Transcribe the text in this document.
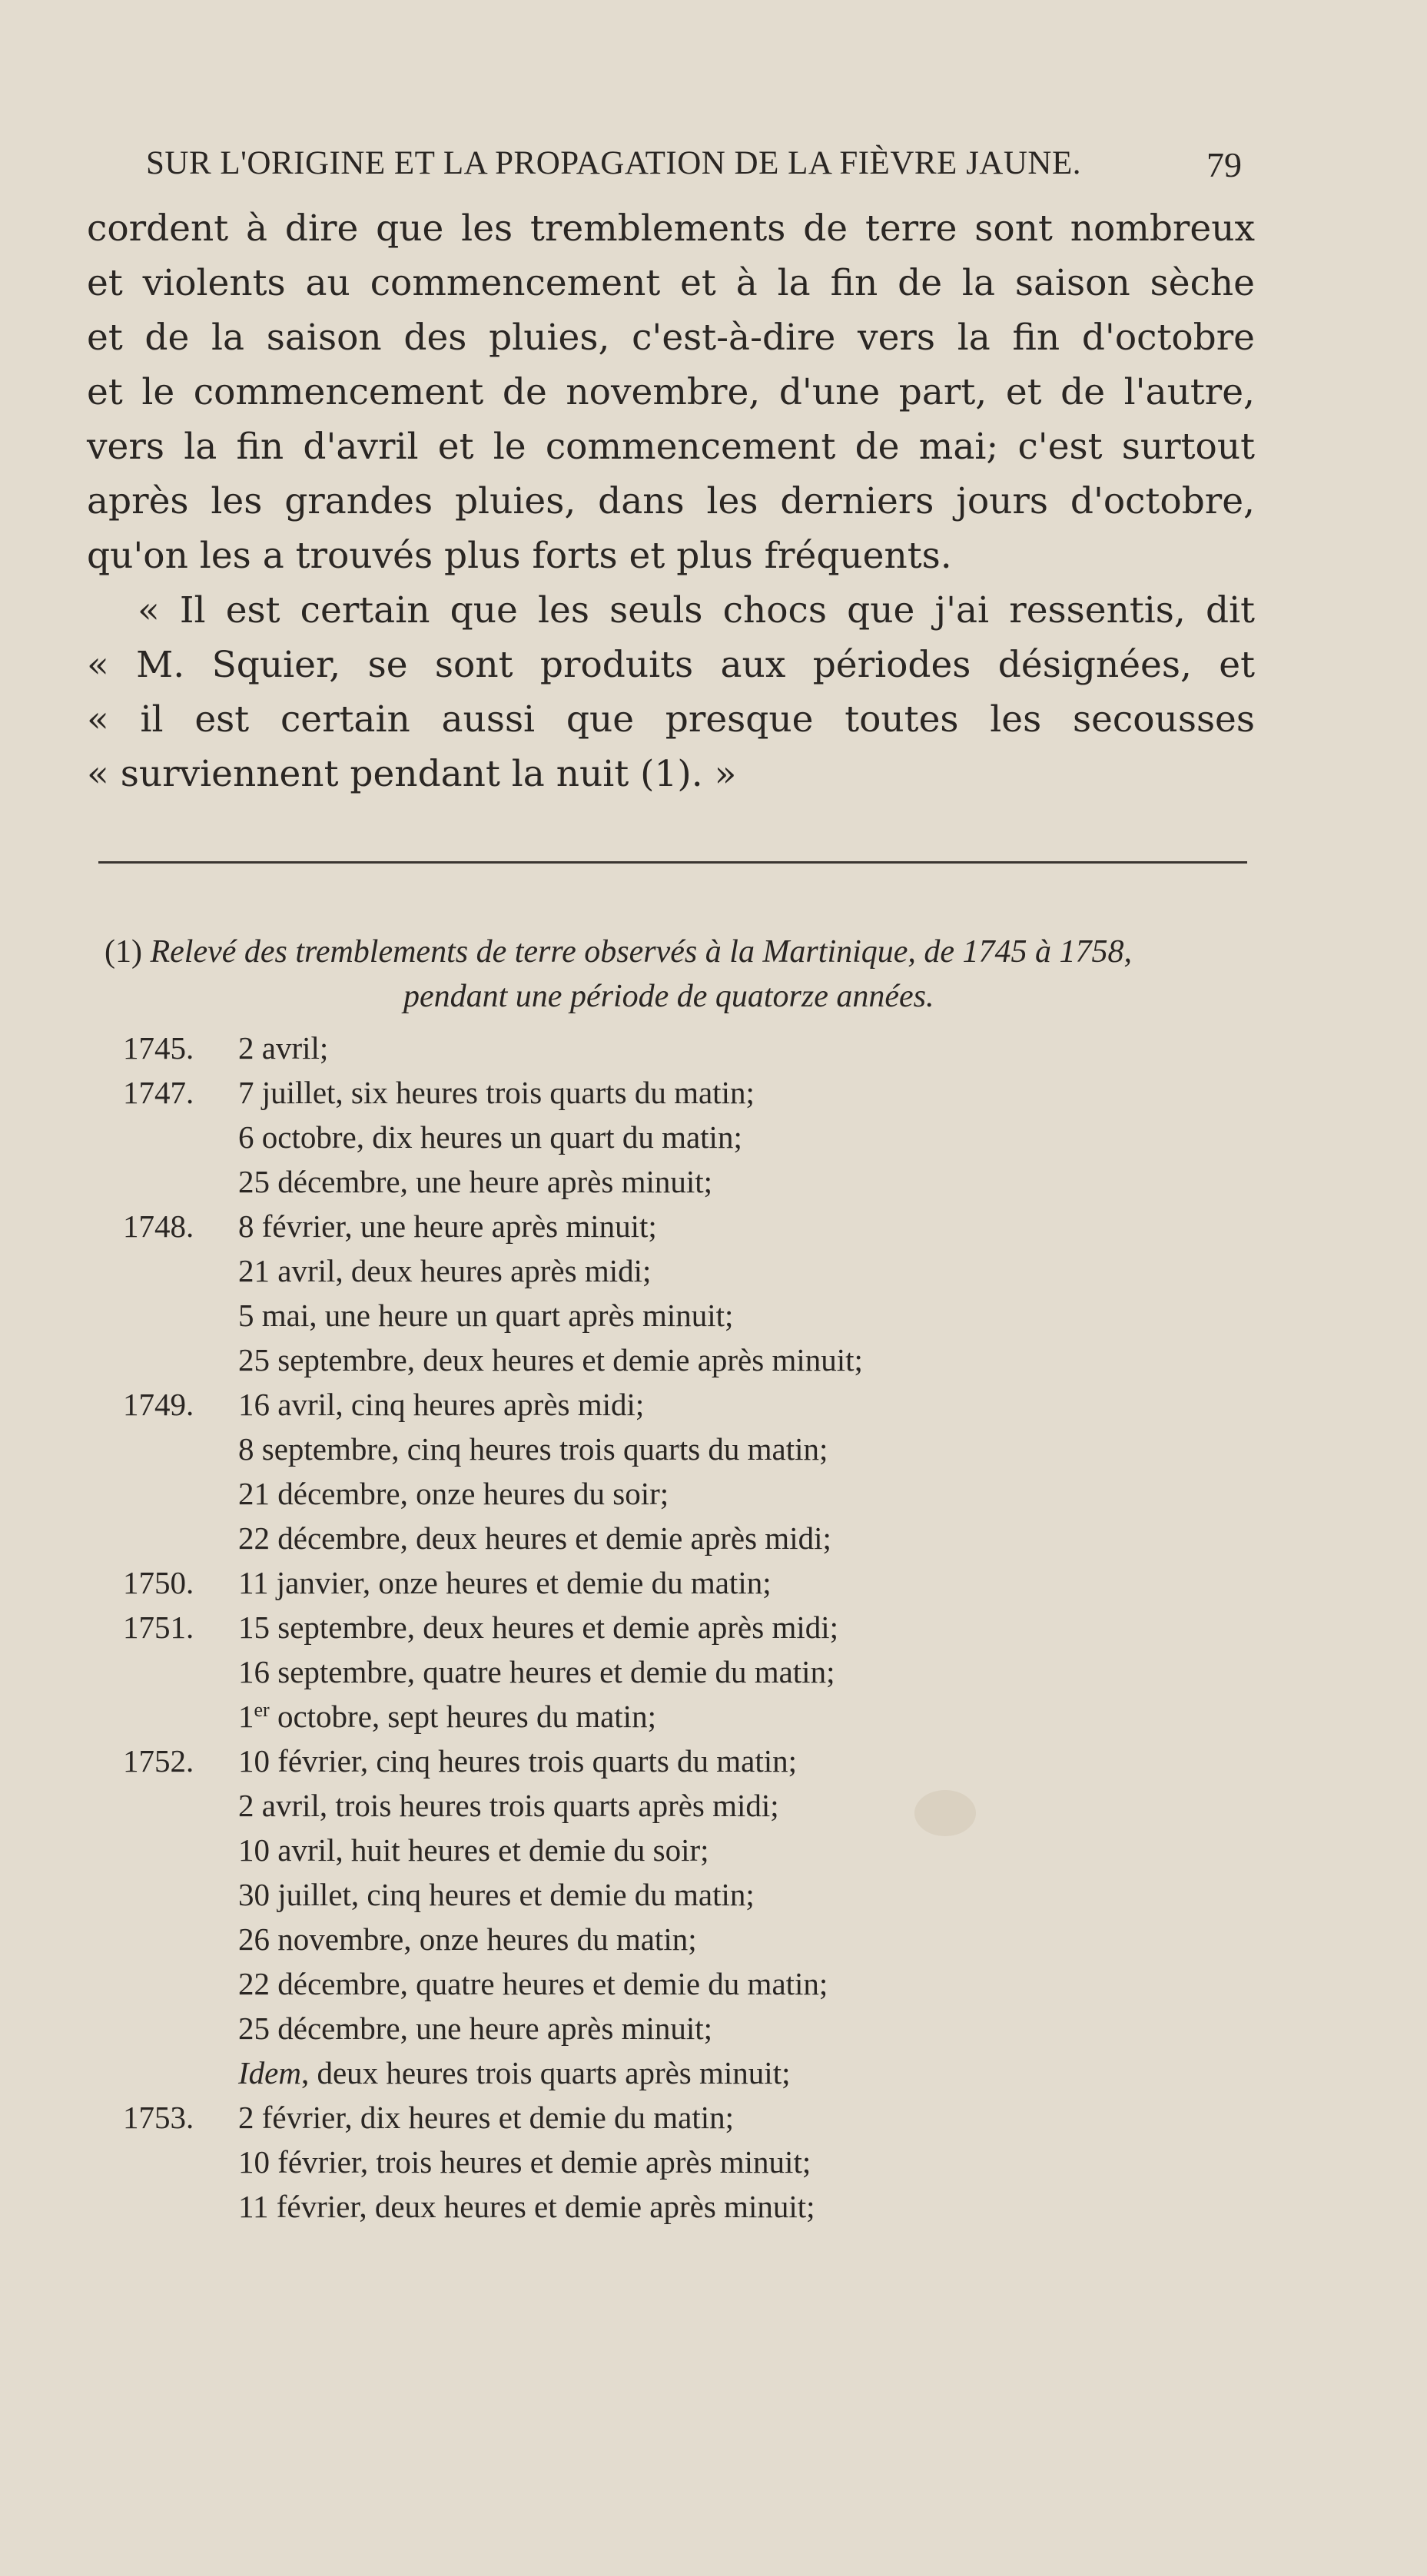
SUR L'ORIGINE ET LA PROPAGATION DE LA FIÈVRE JAUNE.	79
cordent à dire que les tremblements de terre sont nombreux
et violents au commencement et à la fin de la saison sèche
et de la saison des pluies, c'est-à-dire vers la fin d'octobre
et le commencement de novembre, d'une part, et de l'autre,
vers la fin d'avril et le commencement de mai; c'est surtout
après les grandes pluies, dans les derniers jours d'octobre,
qu'on les a trouvés plus forts et plus fréquents.
« Il est certain que les seuls chocs que j'ai ressentis, dit
« M. Squier, se sont produits aux périodes désignées, et
« il est certain aussi que presque toutes les secousses
« surviennent pendant la nuit (1). »
(1) Relevé des tremblements de terre observés à la Martinique, de 1745 à 1758,
pendant une période de quatorze années.
1745.	2 avril;
1747.	7 juillet, six heures trois quarts du matin;
6 octobre, dix heures un quart du matin;
25 décembre, une heure après minuit;
1748.	8 février, une heure après minuit;
21 avril, deux heures après midi;
5 mai, une heure un quart après minuit;
25 septembre, deux heures et demie après minuit;
1749.	16 avril, cinq heures après midi;
8 septembre, cinq heures trois quarts du matin;
21 décembre, onze heures du soir;
22 décembre, deux heures et demie après midi;
1750.	11 janvier, onze heures et demie du matin;
1751.	15 septembre, deux heures et demie après midi;
16 septembre, quatre heures et demie du matin;
1er octobre, sept heures du matin;
1752.	10 février, cinq heures trois quarts du matin;
2 avril, trois heures trois quarts après midi;
10 avril, huit heures et demie du soir;
30 juillet, cinq heures et demie du matin;
26 novembre, onze heures du matin;
22 décembre, quatre heures et demie du matin;
25 décembre, une heure après minuit;
Idem, deux heures trois quarts après minuit;
1753.	2 février, dix heures et demie du matin;
10 février, trois heures et demie après minuit;
11 février, deux heures et demie après minuit;
